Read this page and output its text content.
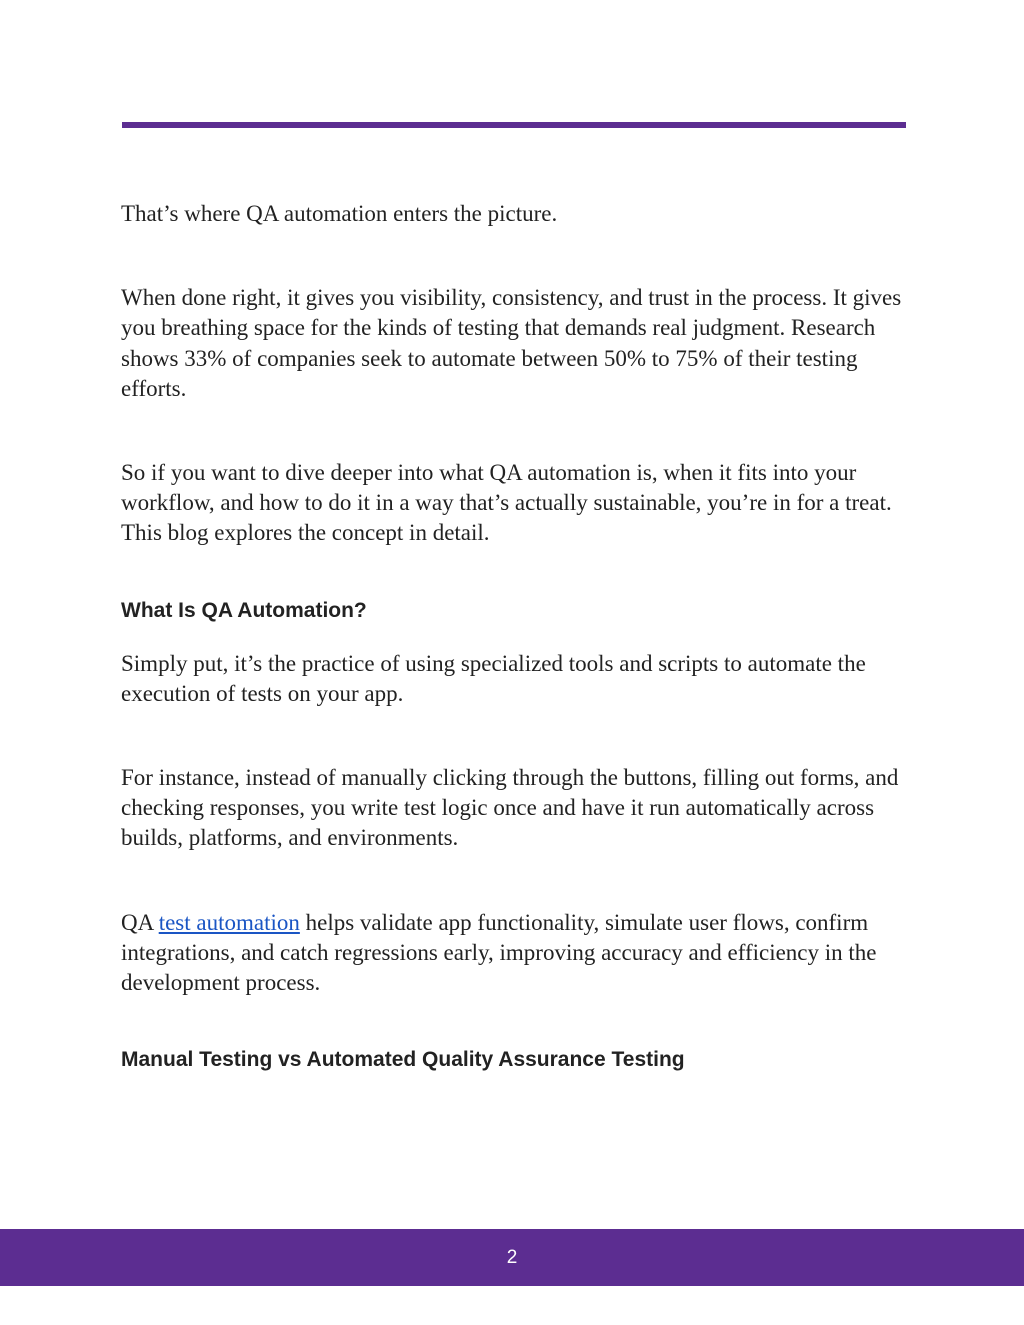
That’s where QA automation enters the picture.

When done right, it gives you visibility, consistency, and trust in the process. It gives you breathing space for the kinds of testing that demands real judgment. Research shows 33% of companies seek to automate between 50% to 75% of their testing efforts.

So if you want to dive deeper into what QA automation is, when it fits into your workflow, and how to do it in a way that’s actually sustainable, you’re in for a treat. This blog explores the concept in detail.

What Is QA Automation?

Simply put, it’s the practice of using specialized tools and scripts to automate the execution of tests on your app.

For instance, instead of manually clicking through the buttons, filling out forms, and checking responses, you write test logic once and have it run automatically across builds, platforms, and environments.

QA test automation helps validate app functionality, simulate user flows, confirm integrations, and catch regressions early, improving accuracy and efficiency in the development process.

Manual Testing vs Automated Quality Assurance Testing
2
